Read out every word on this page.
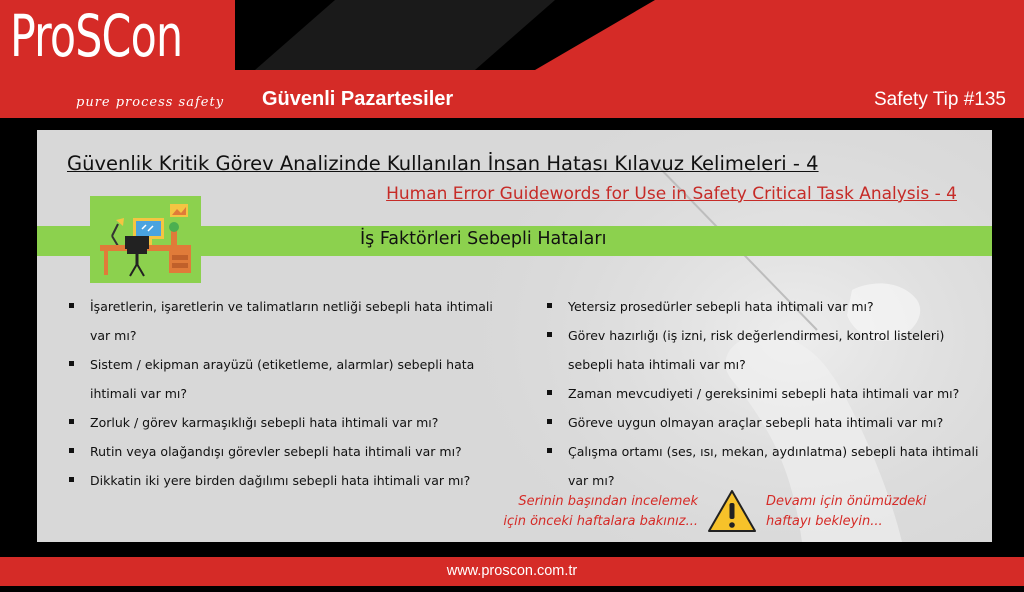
ProSCon
pure process safety Güvenli Pazartesiler	Safety Tip #135
Güvenlik Kritik Görev Analizinde Kullanılan İnsan Hatası Kılavuz Kelimeleri - 4
Human Error Guidewords for Use in Safety Critical Task Analysis - 4
İş Faktörleri Sebepli Hataları
İşaretlerin, işaretlerin ve talimatların netliği sebepli hata ihtimali var mı?
Sistem / ekipman arayüzü (etiketleme, alarmlar) sebepli hata ihtimali var mı?
Zorluk / görev karmaşıklığı sebepli hata ihtimali var mı?
Rutin veya olağandışı görevler sebepli hata ihtimali var mı?
Dikkatin iki yere birden dağılımı sebepli hata ihtimali var mı?
Yetersiz prosedürler sebepli hata ihtimali var mı?
Görev hazırlığı (iş izni, risk değerlendirmesi, kontrol listeleri) sebepli hata ihtimali var mı?
Zaman mevcudiyeti / gereksinimi sebepli hata ihtimali var mı?
Göreve uygun olmayan araçlar sebepli hata ihtimali var mı?
Çalışma ortamı (ses, ısı, mekan, aydınlatma) sebepli hata ihtimali var mı?
Serinin başından incelemek
için önceki haftalara bakınız...
Devamı için önümüzdeki
haftayı bekleyin...
www.proscon.com.tr
